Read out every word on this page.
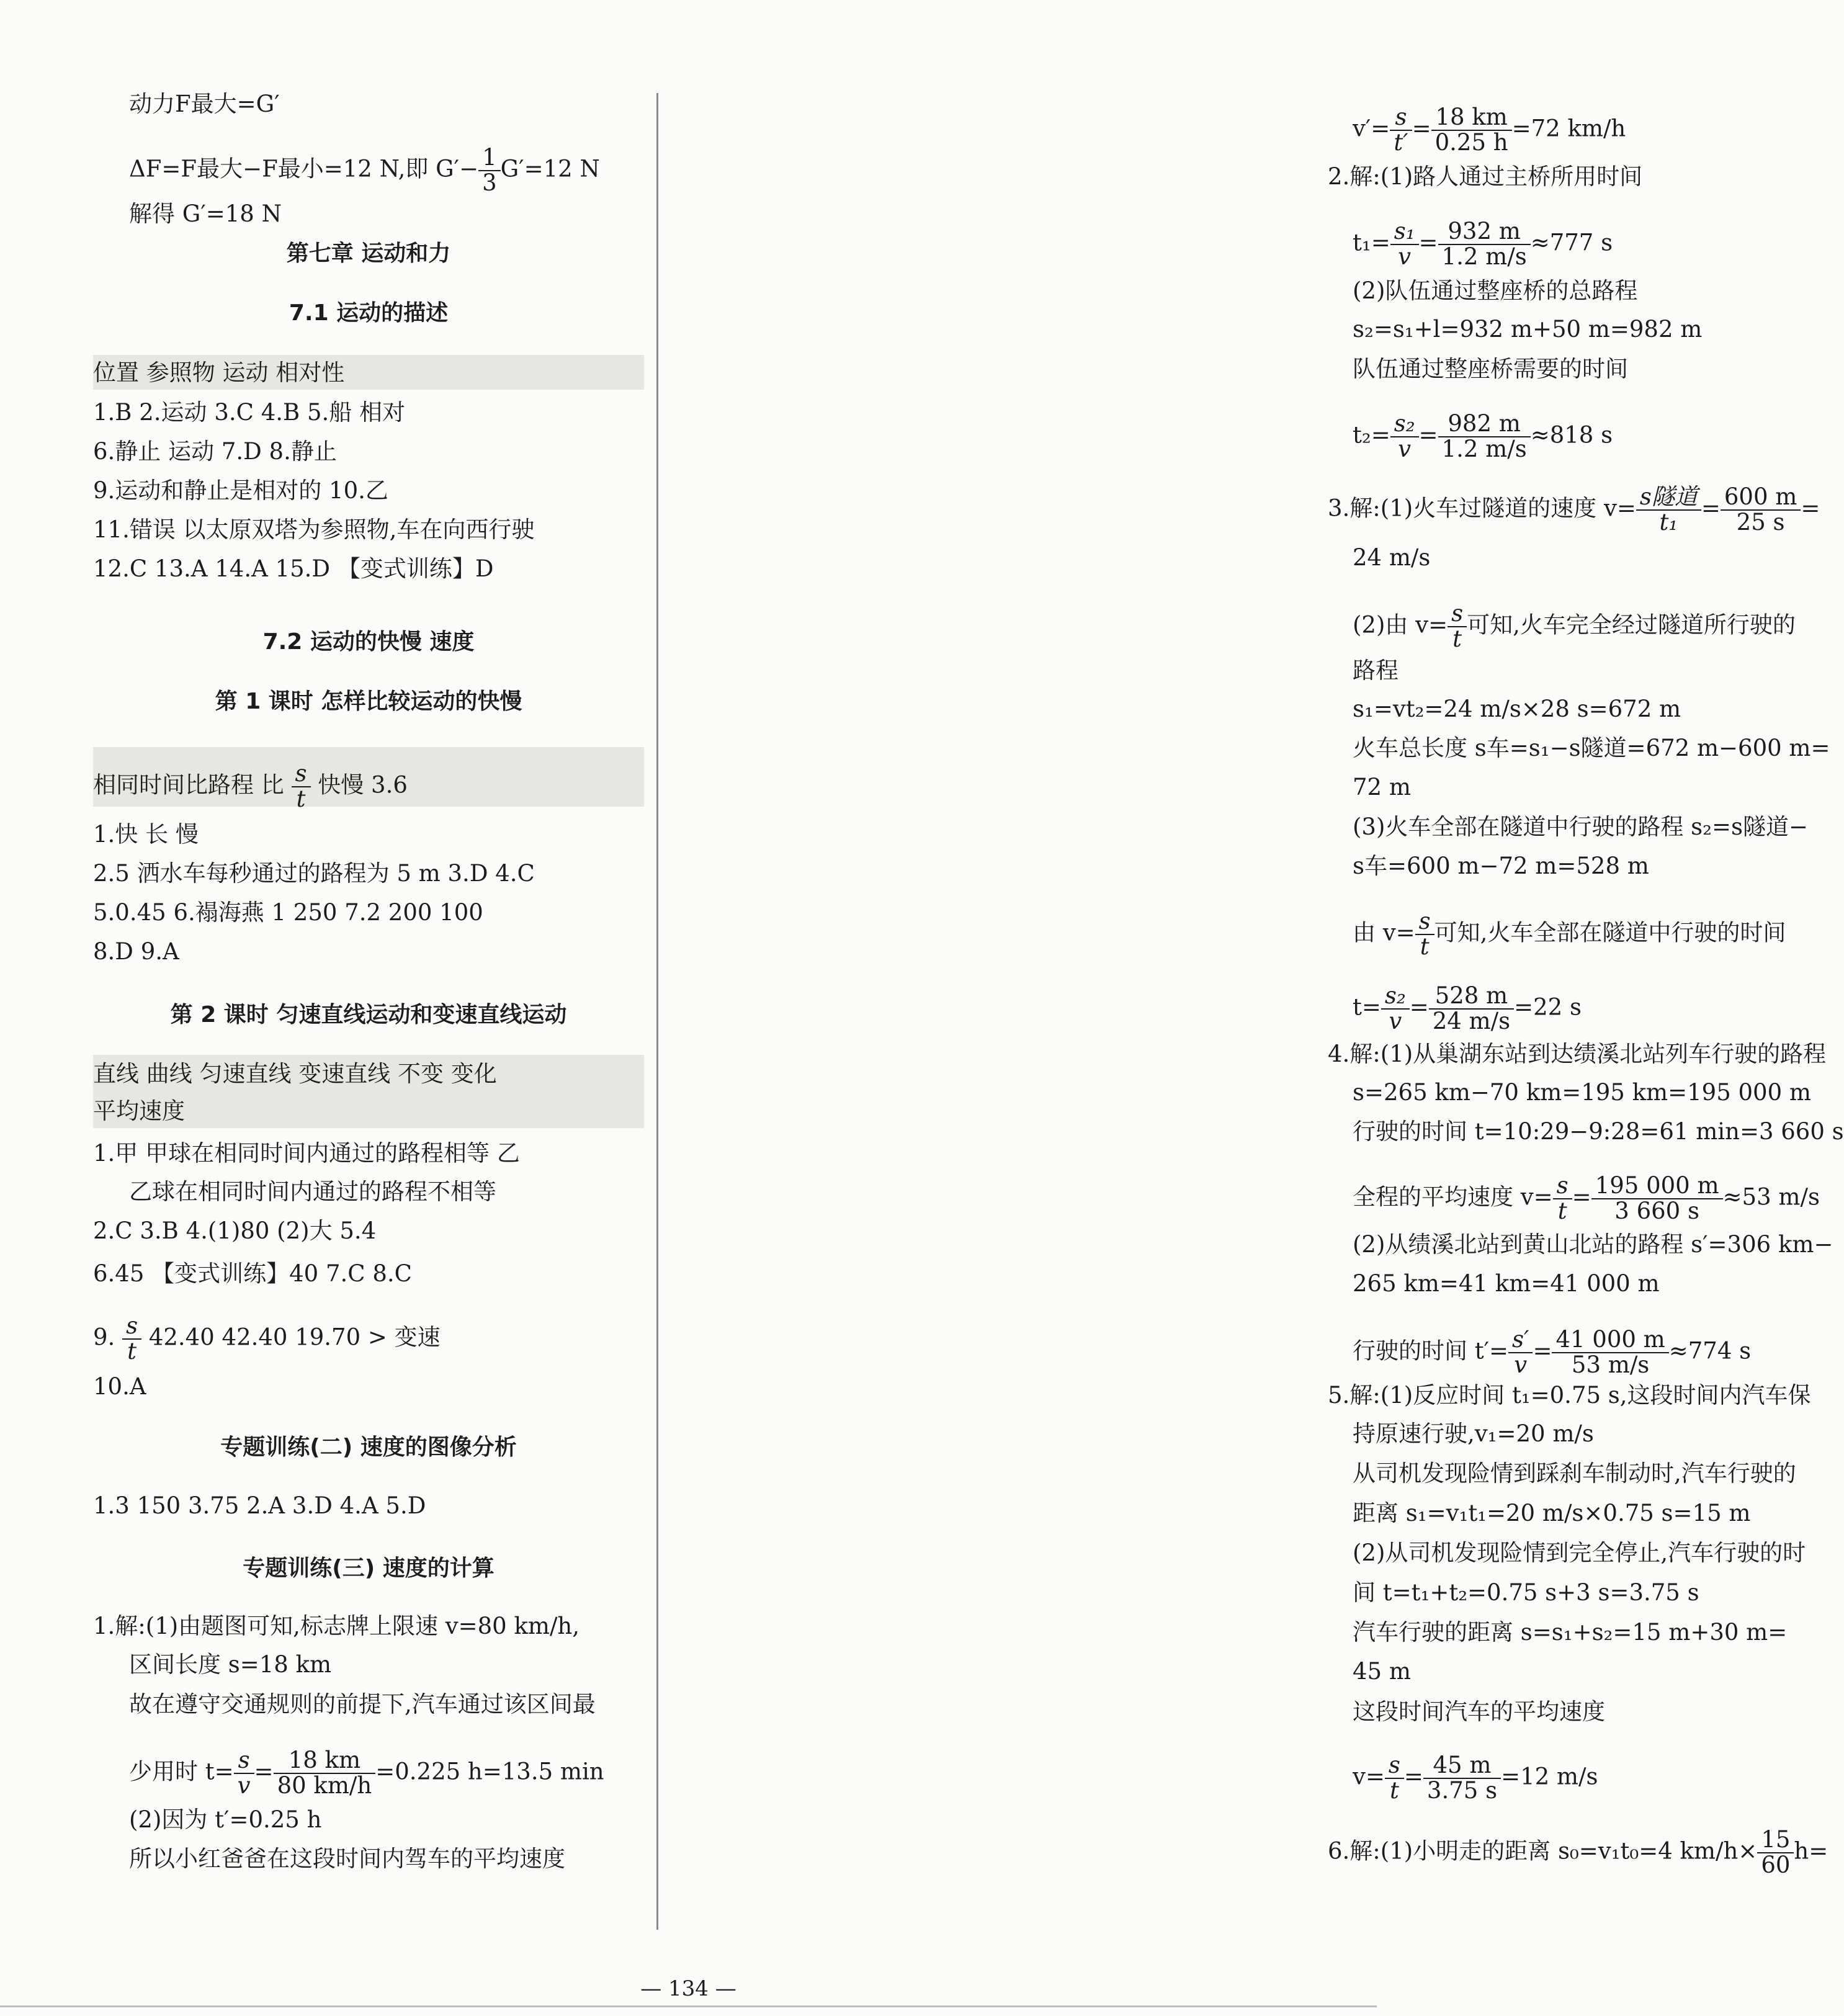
动力F最大=G′
ΔF=F最大−F最小=12 N,即 $G'- \frac{1}{3} G'=12$ N
解得 G′=18 N
第七章 运动和力
7.1 运动的描述
位置 参照物 运动 相对性
1.B 2.运动 3.C 4.B 5.船 相对
6.静止 运动 7.D 8.静止
9.运动和静止是相对的 10.乙
11.错误 以太原双塔为参照物,车在向西行驶
12.C 13.A 14.A 15.D 【变式训练】D
7.2 运动的快慢 速度
第 1 课时 怎样比较运动的快慢
相同时间比路程 比 $\frac{s}{t}$ 快慢 3.6
1.快 长 慢
2.5 洒水车每秒通过的路程为 5 m 3.D 4.C
5.0.45 6.褟海燕 1 250 7.2 200 100
8.D 9.A
第 2 课时 匀速直线运动和变速直线运动
直线 曲线 匀速直线 变速直线 不变 变化
平均速度
1.甲 甲球在相同时间内通过的路程相等 乙
乙球在相同时间内通过的路程不相等
2.C 3.B 4.(1)80 (2)大 5.4
6.45 【变式训练】40 7.C 8.C
9. $\frac{s}{t} 42.40$ 42.40 19.70 > 变速
10.A
专题训练(二) 速度的图像分析
1.3 150 3.75 2.A 3.D 4.A 5.D
专题训练(三) 速度的计算
1.解:(1)由题图可知,标志牌上限速 v=80 km/h,
区间长度 s=18 km
故在遵守交通规则的前提下,汽车通过该区间最
少用时 $t= \frac{s}{v} = \frac{18 km}{80 km/h} =0.225$ h=13.5 min
(2)因为 t′=0.25 h
所以小红爸爸在这段时间内驾车的平均速度
$v'= \frac{s}{t'} = \frac{18 km}{0.25 h} =72$ km/h
2.解:(1)路人通过主桥所用时间
$t_1= \frac{\text{s₁}}{v} = \frac{932 m}{1.2 m/s} \approx 777$ s
(2)队伍通过整座桥的总路程
s₂=s₁+l=932 m+50 m=982 m
队伍通过整座桥需要的时间
$t_2= \frac{\text{s₂}}{v} = \frac{982 m}{1.2 m/s} \approx 818$ s
3.解:(1)火车过隧道的速度 $v= \frac{\text{s隧道}}{\text{t₁}} = \frac{600 m}{25 s}$ =
24 m/s
(2)由 $v= \frac{s}{t}$ 可知,火车完全经过隧道所行驶的
路程
s₁=vt₂=24 m/s×28 s=672 m
火车总长度 s车=s₁−s隧道=672 m−600 m=
72 m
(3)火车全部在隧道中行驶的路程 s₂=s隧道−
s车=600 m−72 m=528 m
由 $v= \frac{s}{t}$ 可知,火车全部在隧道中行驶的时间
$t= \frac{\text{s₂}}{v} = \frac{528 m}{24 m/s} =22$ s
4.解:(1)从巢湖东站到达绩溪北站列车行驶的路程
s=265 km−70 km=195 km=195 000 m
行驶的时间 t=10:29−9:28=61 min=3 660 s
全程的平均速度 $v= \frac{s}{t} = \frac{195 000 m}{3 660 s} \approx 53$ m/s
(2)从绩溪北站到黄山北站的路程 s′=306 km−
265 km=41 km=41 000 m
行驶的时间 $t'= \frac{s'}{v} = \frac{41 000 m}{53 m/s} \approx 774$ s
5.解:(1)反应时间 t₁=0.75 s,这段时间内汽车保
持原速行驶,v₁=20 m/s
从司机发现险情到踩刹车制动时,汽车行驶的
距离 s₁=v₁t₁=20 m/s×0.75 s=15 m
(2)从司机发现险情到完全停止,汽车行驶的时
间 t=t₁+t₂=0.75 s+3 s=3.75 s
汽车行驶的距离 s=s₁+s₂=15 m+30 m=
45 m
这段时间汽车的平均速度
$v= \frac{s}{t} = \frac{45 m}{3.75 s} =12$ m/s
6.解:(1)小明走的距离 s₀=v₁t₀=4 $km/h\times \frac{15}{60} h=$
— 134 —
